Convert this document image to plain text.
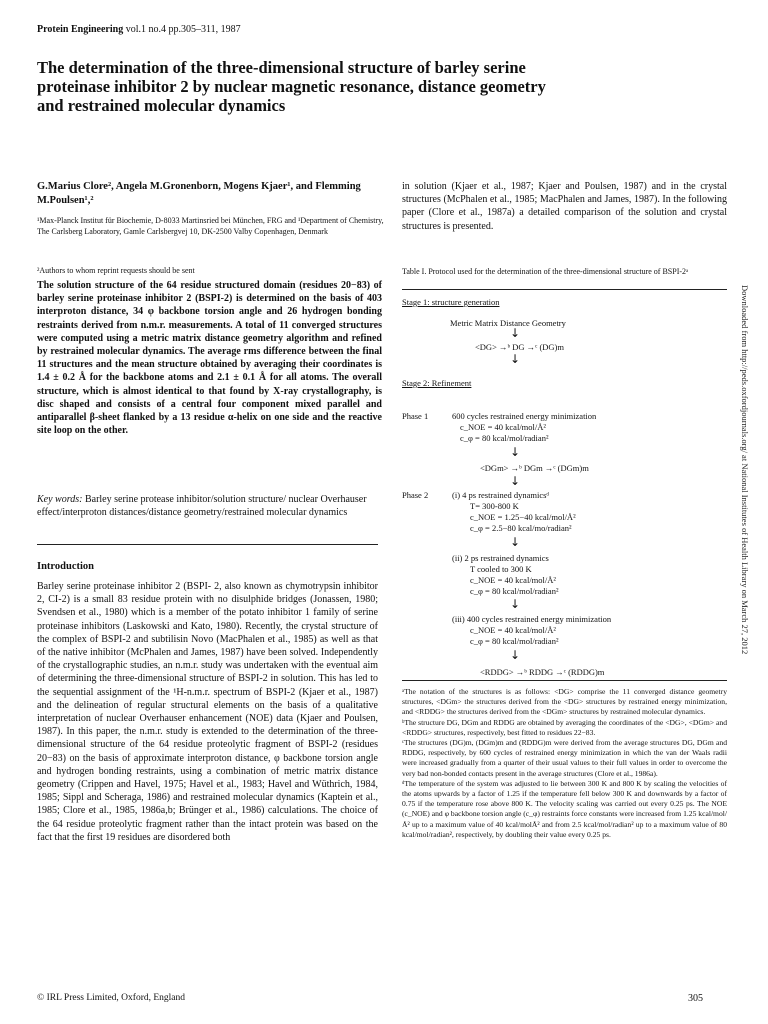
Protein Engineering vol.1 no.4 pp.305–311, 1987
The determination of the three-dimensional structure of barley serine proteinase inhibitor 2 by nuclear magnetic resonance, distance geometry and restrained molecular dynamics
G.Marius Clore², Angela M.Gronenborn, Mogens Kjaer¹, and Flemming M.Poulsen¹,²
¹Max-Planck Institut für Biochemie, D-8033 Martinsried bei München, FRG and ¹Department of Chemistry, The Carlsberg Laboratory, Gamle Carlsbergvej 10, DK-2500 Valby Copenhagen, Denmark
²Authors to whom reprint requests should be sent
The solution structure of the 64 residue structured domain (residues 20−83) of barley serine proteinase inhibitor 2 (BSPI-2) is determined on the basis of 403 interproton distance, 34 φ backbone torsion angle and 26 hydrogen bonding restraints derived from n.m.r. measurements. A total of 11 converged structures were computed using a metric matrix distance geometry algorithm and refined by restrained molecular dynamics. The average rms difference between the final 11 structures and the mean structure obtained by averaging their coordinates is 1.4 ± 0.2 Å for the backbone atoms and 2.1 ± 0.1 Å for all atoms. The overall structure, which is almost identical to that found by X-ray crystallography, is disc shaped and consists of a central four component mixed parallel and antiparallel β-sheet flanked by a 13 residue α-helix on one side and the reactive site loop on the other.
Key words: Barley serine protease inhibitor/solution structure/ nuclear Overhauser effect/interproton distances/distance geometry/restrained molecular dynamics
Introduction
Barley serine proteinase inhibitor 2 (BSPI- 2, also known as chymotrypsin inhibitor 2, CI-2) is a small 83 residue protein with no disulphide bridges (Jonassen, 1980; Svendsen et al., 1980) which is a member of the potato inhibitor 1 family of serine proteinase inhibitors (Laskowski and Kato, 1980). Recently, the crystal structure of the complex of BSPI-2 and subtilisin Novo (MacPhalen et al., 1985) as well as that of the native inhibitor (McPhalen and James, 1987) have been solved. Independently of the crystallographic studies, an n.m.r. study was undertaken with the eventual aim of determining the three-dimensional structure of BSPI-2 in solution. This has led to the sequential assignment of the ¹H-n.m.r. spectrum of BSPI-2 (Kjaer et al., 1987) and the delineation of regular structural elements on the basis of a qualitative interpretation of nuclear Overhauser enhancement (NOE) data (Kjaer and Poulsen, 1987). In this paper, the n.m.r. study is extended to the determination of the three-dimensional structure of the 64 residue proteolytic fragment of BSPI-2 (residues 20−83) on the basis of approximate interproton distance, φ backbone torsion angle and hydrogen bonding restraints, using a combination of metric matrix distance geometry (Crippen and Havel, 1975; Havel et al., 1983; Havel and Wüthrich, 1984, 1985; Sippl and Scheraga, 1986) and restrained molecular dynamics (Kaptein et al., 1985; Clore et al., 1985, 1986a,b; Brünger et al., 1986) calculations. The choice of the 64 residue proteolytic fragment rather than the intact protein was based on the fact that the first 19 residues are disordered both
in solution (Kjaer et al., 1987; Kjaer and Poulsen, 1987) and in the crystal structures (McPhalen et al., 1985; MacPhalen and James, 1987). In the following paper (Clore et al., 1987a) a detailed comparison of the solution and crystal structures is presented.
Table I. Protocol used for the determination of the three-dimensional structure of BSPI-2ᵃ
Stage 1: structure generation
Metric Matrix Distance Geometry
↓
<DG> →ᵇ DG →ᶜ (DG)m
↓
Stage 2: Refinement
Phase 1	600 cycles restrained energy minimization
c_NOE = 40 kcal/mol/Å²
c_φ = 80 kcal/mol/radian²
↓
<DGm> →ᵇ DGm →ᶜ (DGm)m
↓
Phase 2	(i) 4 ps restrained dynamicsᵈ
T= 300-800 K
c_NOE = 1.25−40 kcal/mol/Å²
c_φ = 2.5−80 kcal/mo/radian²
↓
(ii) 2 ps restrained dynamics
T cooled to 300 K
c_NOE = 40 kcal/mol/Å²
c_φ = 80 kcal/mol/radian²
↓
(iii) 400 cycles restrained energy minimization
c_NOE = 40 kcal/mol/Å²
c_φ = 80 kcal/mol/radian²
↓
<RDDG> →ᵇ RDDG →ᶜ (RDDG)m
ᵃThe notation of the structures is as follows: <DG> comprise the 11 converged distance geometry structures, <DGm> the structures derived from the <DG> structures by restrained energy minimization, and <RDDG> the structures derived from the <DGm> structures by restrained molecular dynamics.
ᵇThe structure DG, DGm and RDDG are obtained by averaging the coordinates of the <DG>, <DGm> and <RDDG> structures, respectively, best fitted to residues 22−83.
ᶜThe structures (DG)m, (DGm)m and (RDDG)m were derived from the average structures DG, DGm and RDDG, respectively, by 600 cycles of restrained energy minimization in which the van der Waals radii were increased gradually from a quarter of their usual values to their full values in order to overcome the very bad non-bonded contacts present in the average structures (Clore et al., 1986a).
ᵈThe temperature of the system was adjusted to lie between 300 K and 800 K by scaling the velocities of the atoms upwards by a factor of 1.25 if the temperature fell below 300 K and downwards by a factor of 0.75 if the temperature rose above 800 K. The velocity scaling was carried out every 0.25 ps. The NOE (c_NOE) and φ backbone torsion angle (c_φ) restraints force constants were increased from 1.25 kcal/mol/Å² up to a maximum value of 40 kcal/molÅ² and from 2.5 kcal/mol/radian² up to a maximum value of 80 kcal/mol/radian², respectively, by doubling their value every 0.25 ps.
© IRL Press Limited, Oxford, England	305
Downloaded from http://peds.oxfordjournals.org/ at National Institutes of Health Library on March 27, 2012
